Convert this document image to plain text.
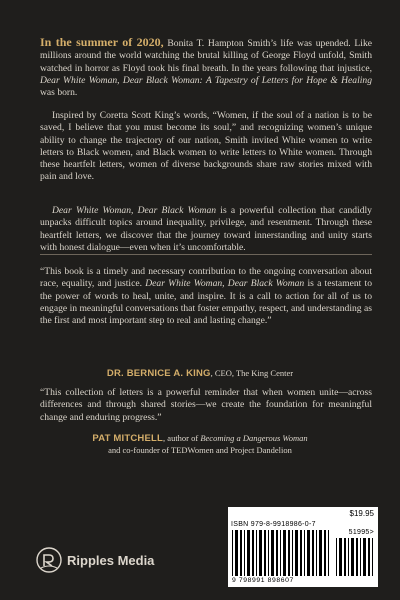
In the summer of 2020, Bonita T. Hampton Smith’s life was upended. Like millions around the world watching the brutal killing of George Floyd unfold, Smith watched in horror as Floyd took his final breath. In the years following that injustice, Dear White Woman, Dear Black Woman: A Tapestry of Letters for Hope & Healing was born.

Inspired by Coretta Scott King’s words, “Women, if the soul of a nation is to be saved, I believe that you must become its soul,” and recognizing women’s unique ability to change the trajectory of our nation, Smith invited White women to write letters to Black women, and Black women to write letters to White women. Through these heartfelt letters, women of diverse backgrounds share raw stories mixed with pain and love.

Dear White Woman, Dear Black Woman is a powerful collection that candidly unpacks difficult topics around inequality, privilege, and resentment. Through these heartfelt letters, we discover that the journey toward innerstanding and unity starts with honest dialogue—even when it’s uncomfortable.

“This book is a timely and necessary contribution to the ongoing conversation about race, equality, and justice. Dear White Woman, Dear Black Woman is a testament to the power of words to heal, unite, and inspire. It is a call to action for all of us to engage in meaningful conversations that foster empathy, respect, and understanding as the first and most important step to real and lasting change.”

DR. BERNICE A. KING, CEO, The King Center

“This collection of letters is a powerful reminder that when women unite—across differences and through shared stories—we create the foundation for meaningful change and enduring progress.”

PAT MITCHELL, author of Becoming a Dangerous Woman
and co-founder of TEDWomen and Project Dandelion
Ripples Media
$19.95
ISBN 979-8-9918986-0-7
51995>
9 798991 898607
